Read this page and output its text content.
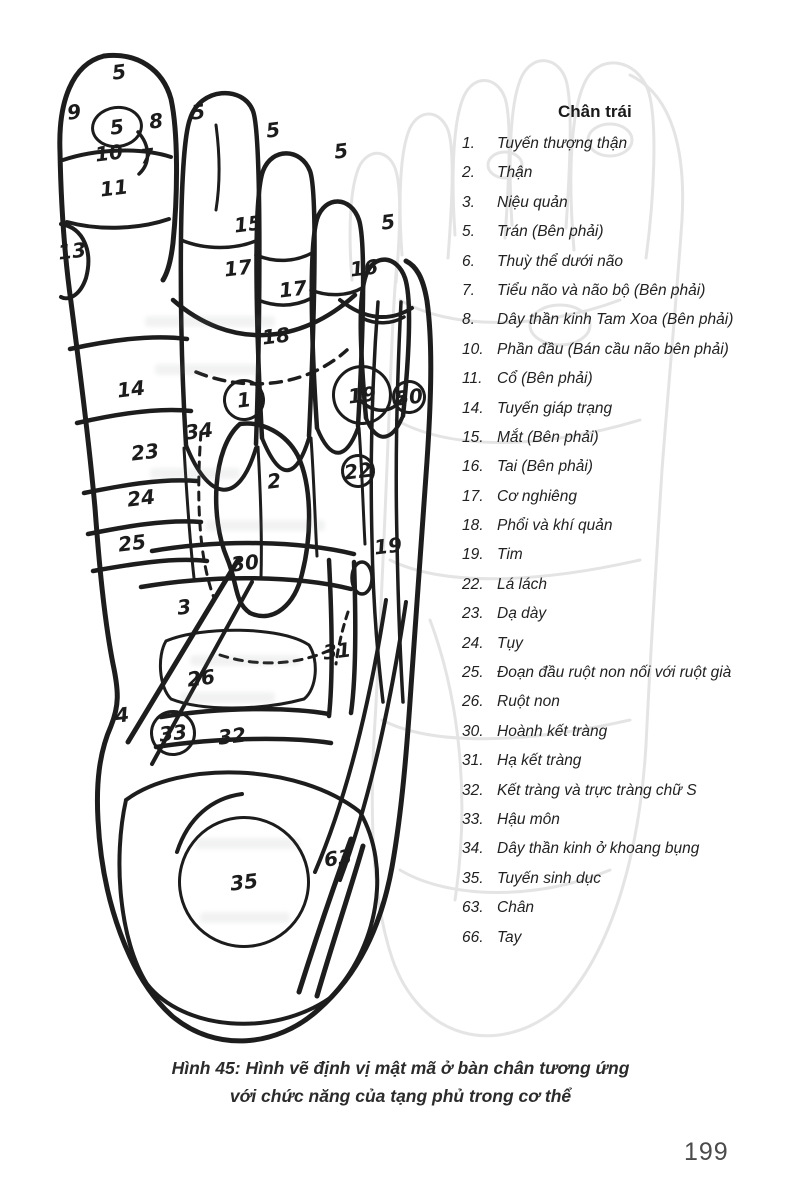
5
9
5	8
10 7
11
5
5
5
5
13
15
17
17
16
18
14	1	19 50
34
23
2	22
24
25
30
19
3
31
26
4
33	32
63
35
Chân trái
1.	Tuyến thượng thận
2.	Thận
3.	Niệu quản
5.	Trán (Bên phải)
6.	Thuỳ thể dưới não
7.	Tiểu não và não bộ (Bên phải)
8.	Dây thần kinh Tam Xoa (Bên phải)
10. Phần đầu (Bán cầu não bên phải)
11. Cổ (Bên phải)
14. Tuyến giáp trạng
15. Mắt (Bên phải)
16. Tai (Bên phải)
17. Cơ nghiêng
18. Phổi và khí quản
19. Tim
22. Lá lách
23. Dạ dày
24. Tụy
25. Đoạn đầu ruột non nối với ruột già
26. Ruột non
30. Hoành kết tràng
31. Hạ kết tràng
32. Kết tràng và trực tràng chữ S
33. Hậu môn
34. Dây thần kinh ở khoang bụng
35. Tuyến sinh dục
63. Chân
66. Tay
Hình 45: Hình vẽ định vị mật mã ở bàn chân tương ứng
với chức năng của tạng phủ trong cơ thể
199
